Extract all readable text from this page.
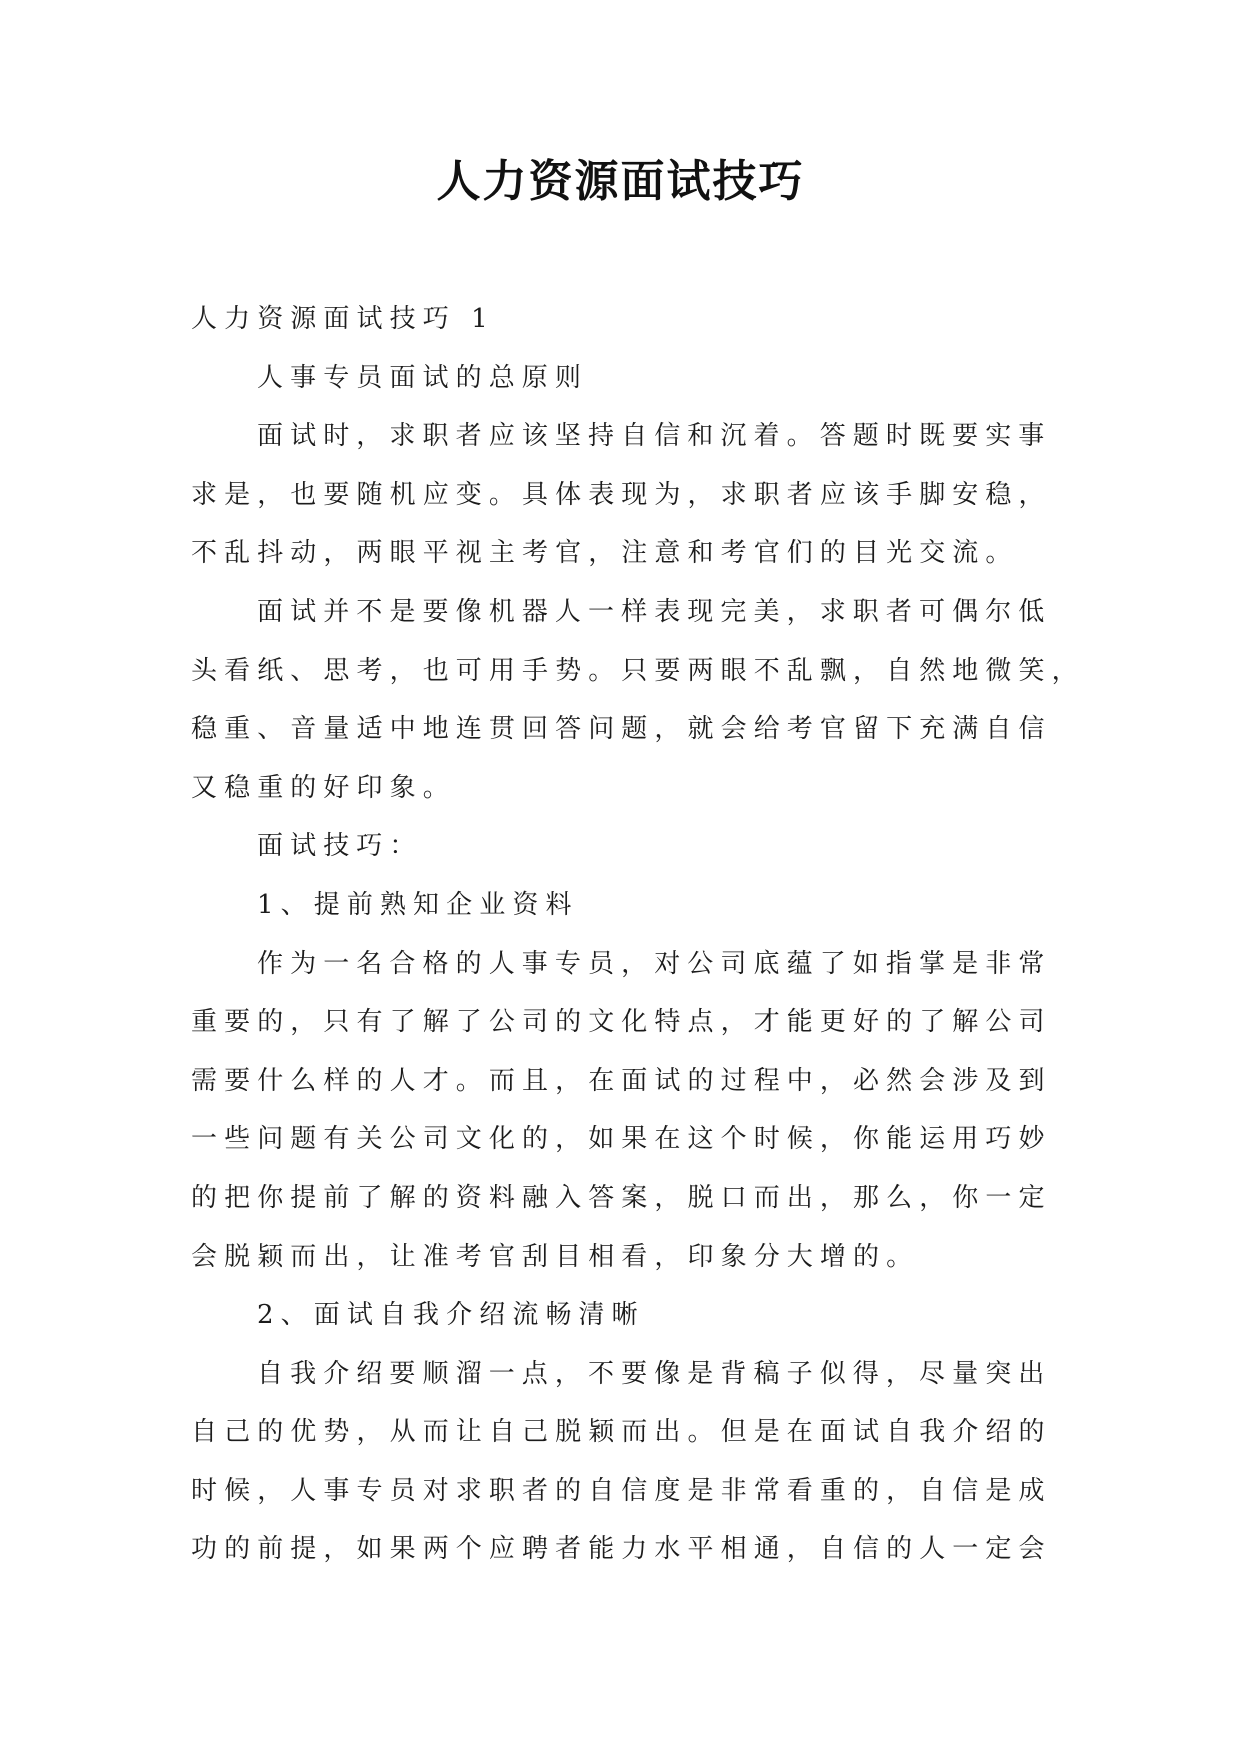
人力资源面试技巧
人力资源面试技巧 1
人事专员面试的总原则
面试时，求职者应该坚持自信和沉着。答题时既要实事
求是，也要随机应变。具体表现为，求职者应该手脚安稳，
不乱抖动，两眼平视主考官，注意和考官们的目光交流。
面试并不是要像机器人一样表现完美，求职者可偶尔低
头看纸、思考，也可用手势。只要两眼不乱飘，自然地微笑，
稳重、音量适中地连贯回答问题，就会给考官留下充满自信
又稳重的好印象。
面试技巧：
1、提前熟知企业资料
作为一名合格的人事专员，对公司底蕴了如指掌是非常
重要的，只有了解了公司的文化特点，才能更好的了解公司
需要什么样的人才。而且，在面试的过程中，必然会涉及到
一些问题有关公司文化的，如果在这个时候，你能运用巧妙
的把你提前了解的资料融入答案，脱口而出，那么，你一定
会脱颖而出，让准考官刮目相看，印象分大增的。
2、面试自我介绍流畅清晰
自我介绍要顺溜一点，不要像是背稿子似得，尽量突出
自己的优势，从而让自己脱颖而出。但是在面试自我介绍的
时候，人事专员对求职者的自信度是非常看重的，自信是成
功的前提，如果两个应聘者能力水平相通，自信的人一定会
